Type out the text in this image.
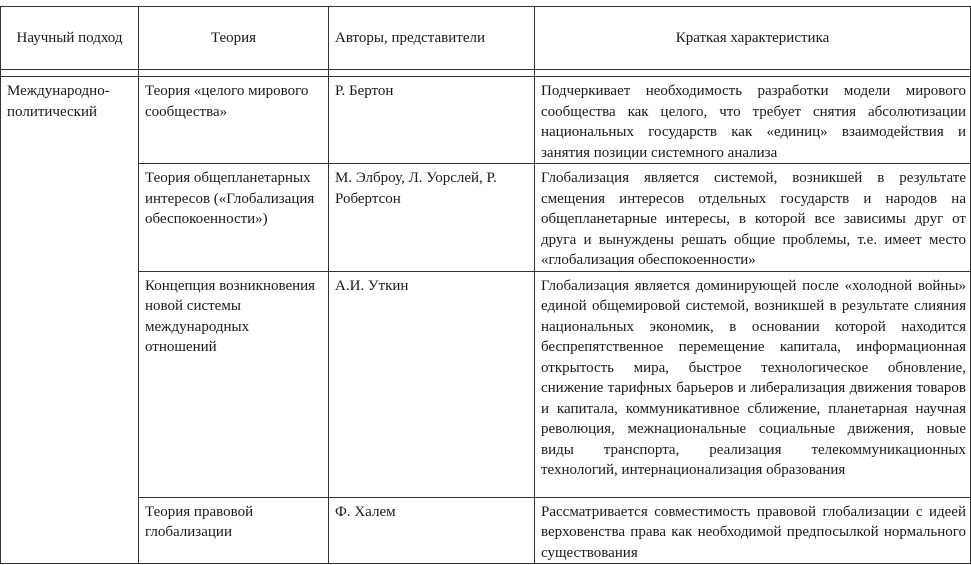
Научный подход	Теория	Авторы, представители	Краткая характеристика

Международно-политический	Теория «целого мирового сообщества»	Р. Бертон	Подчеркивает необходимость разработки модели мирового сообщества как целого, что требует снятия абсолютизации национальных государств как «единиц» взаимодействия и занятия позиции системного анализа
	Теория общепланетарных интересов («Глобализация обеспокоенности»)	М. Элброу, Л. Уорслей, Р. Робертсон	Глобализация является системой, возникшей в результате смещения интересов отдельных государств и народов на общепланетарные интересы, в которой все зависимы друг от друга и вынуждены решать общие проблемы, т.е. имеет место «глобализация обеспокоенности»
	Концепция возникновения новой системы международных отношений	А.И. Уткин	Глобализация является доминирующей после «холодной войны» единой общемировой системой, возникшей в результате слияния национальных экономик, в основании которой находится беспрепятственное перемещение капитала, информационная открытость мира, быстрое технологическое обновление, снижение тарифных барьеров и либерализация движения товаров и капитала, коммуникативное сближение, планетарная научная революция, межнациональные социальные движения, новые виды транспорта, реализация телекоммуникационных технологий, интернационализация образования
	Теория правовой глобализации	Ф. Халем	Рассматривается совместимость правовой глобализации с идеей верховенства права как необходимой предпосылкой нормального существования
